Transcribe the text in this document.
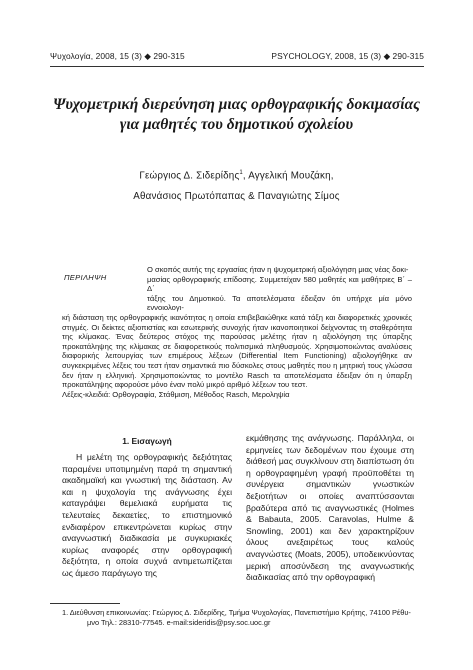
Ψυχολογία, 2008, 15 (3) ◆ 290-315	PSYCHOLOGY, 2008, 15 (3) ◆ 290-315
Ψυχομετρική διερεύνηση μιας ορθογραφικής δοκιμασίας
για μαθητές του δημοτικού σχολείου
Γεώργιος Δ. Σιδερίδης$^1$, Αγγελική Μουζάκη,
Αθανάσιος Πρωτόπαπας & Παναγιώτης Σίμος
ΠΕΡΙΛΗΨΗ
Ο σκοπός αυτής της εργασίας ήταν η ψυχομετρική αξιολόγηση μιας νέας δοκι-
μασίας ορθογραφικής επίδοσης. Συμμετείχαν 580 μαθητές και μαθήτριες Β΄ – Δ΄
τάξης του Δημοτικού. Τα αποτελέσματα έδειξαν ότι υπήρχε μία μόνο εννοιολογι-
κή διάσταση της ορθογραφικής ικανότητας η οποία επιβεβαιώθηκε κατά τάξη και διαφορετικές χρονικές στιγμές. Οι δείκτες αξιοπιστίας και εσωτερικής συνοχής ήταν ικανοποιητικοί δείχνοντας τη σταθερότητα της κλίμακας. Ένας δεύτερος στόχος της παρούσας μελέτης ήταν η αξιολόγηση της ύπαρξης προκατάληψης της κλίμακας σε διαφορετικούς πολιτισμικά πληθυσμούς. Χρησιμοποιώντας αναλύσεις διαφορικής λειτουργίας των επιμέρους λέξεων (Differential Item Functioning) αξιολογήθηκε αν συγκεκριμένες λέξεις του τεστ ήταν σημαντικά πιο δύσκολες στους μαθητές που η μητρική τους γλώσσα δεν ήταν η ελληνική. Χρησιμοποιώντας το μοντέλο Rasch τα αποτελέσματα έδειξαν ότι η ύπαρξη προκατάληψης αφορούσε μόνο έναν πολύ μικρό αριθμό λέξεων του τεστ.
Λέξεις-κλειδιά: Ορθογραφία, Στάθμιση, Μέθοδος Rasch, Μεροληψία
1. Εισαγωγή
Η μελέτη της ορθογραφικής δεξιότητας παραμένει υποτιμημένη παρά τη σημαντική ακαδημαϊκή και γνωστική της διάσταση. Αν και η ψυχολογία της ανάγνωσης έχει καταγράψει θεμελιακά ευρήματα τις τελευταίες δεκαετίες, το επιστημονικό ενδιαφέρον επικεντρώνεται κυρίως στην αναγνωστική διαδικασία με συγκυριακές κυρίως αναφορές στην ορθογραφική δεξιότητα, η οποία συχνά αντιμετωπίζεται ως άμεσο παράγωγο της
εκμάθησης της ανάγνωσης. Παράλληλα, οι ερμηνείες των δεδομένων που έχουμε στη διάθεσή μας συγκλίνουν στη διαπίστωση ότι η ορθογραφημένη γραφή προϋποθέτει τη συνέργεια σημαντικών γνωστικών δεξιοτήτων οι οποίες αναπτύσσονται βραδύτερα από τις αναγνωστικές (Holmes & Babauta, 2005. Caravolas, Hulme & Snowling, 2001) και δεν χαρακτηρίζουν όλους ανεξαιρέτως τους καλούς αναγνώστες (Moats, 2005), υποδεικνύοντας μερική αποσύνδεση της αναγνωστικής διαδικασίας από την ορθογραφική
1. Διεύθυνση επικοινωνίας: Γεώργιος Δ. Σιδερίδης, Τμήμα Ψυχολογίας, Πανεπιστήμιο Κρήτης, 74100 Ρέθυ-
μνο Τηλ.: 28310-77545. e-mail:sideridis@psy.soc.uoc.gr
